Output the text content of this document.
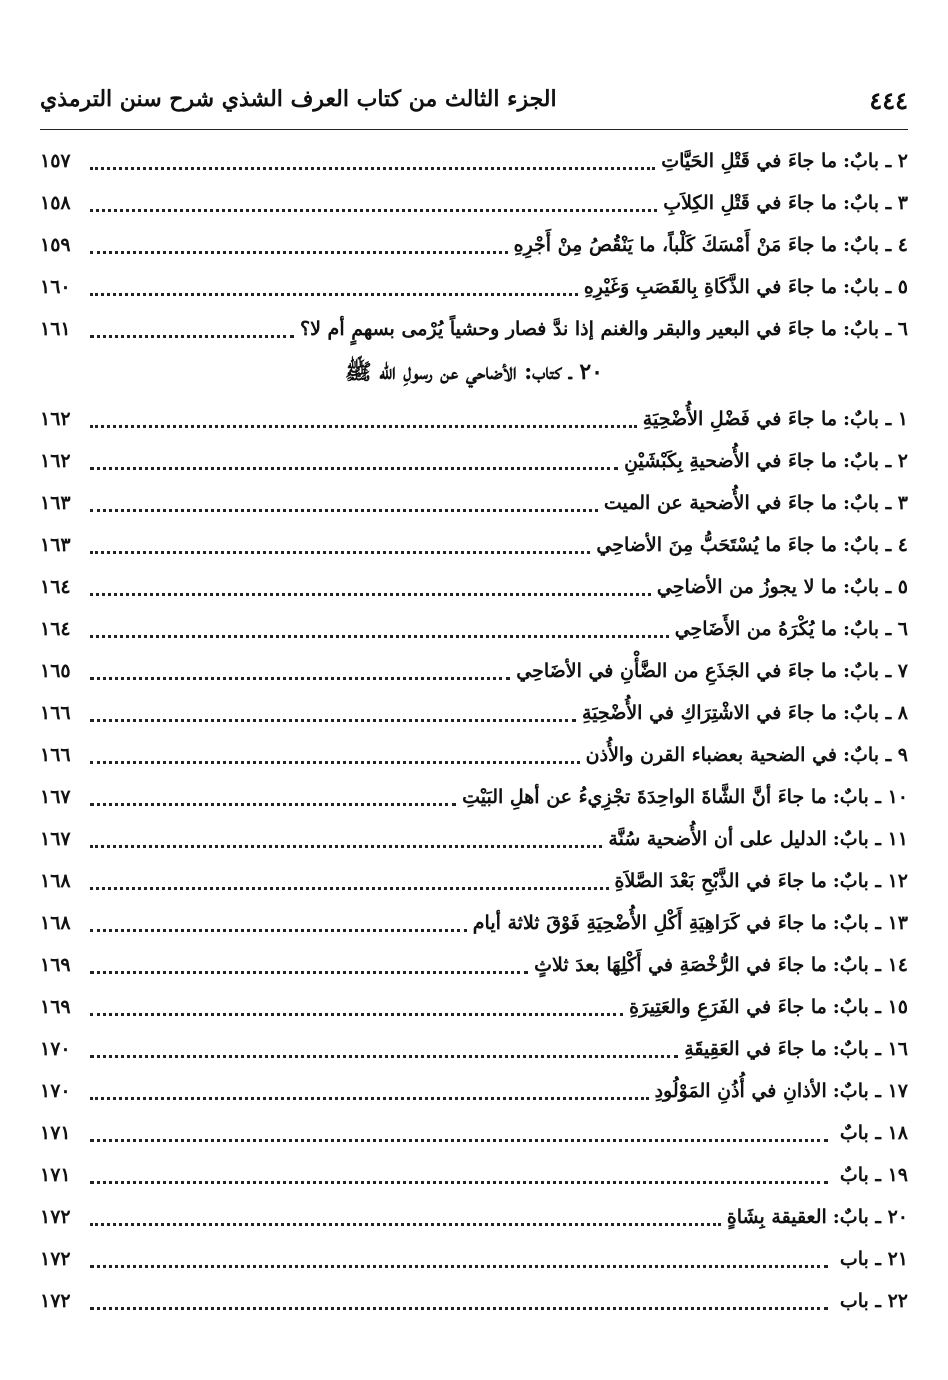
٤٤٤
الجزء الثالث من كتاب العرف الشذي شرح سنن الترمذي
٢ ـ بابٌ:
ما جاءَ في قَتْلِ الحَيَّاتِ
١٥٧
٣ ـ بابٌ:
ما جاءَ في قَتْلِ الكِلاَبِ
١٥٨
٤ ـ بابٌ:
ما جاءَ مَنْ أَمْسَكَ كَلْباً، ما يَنْقُصُ مِنْ أَجْرِهِ
١٥٩
٥ ـ بابٌ:
ما جاءَ في الذَّكَاةِ بِالقَصَبِ وَغَيْرِهِ
١٦٠
٦ ـ بابٌ:
ما جاءَ في البعير والبقر والغنم إذا ندَّ فصار وحشياً يُرْمى بسهمٍ أم لا؟
١٦١
٢٠ ـ كتاب: الأضاحي عن رسولِ الله ﷺ
١ ـ بابٌ:
ما جاءَ في فَضْلِ الأُضْحِيَةِ
١٦٢
٢ ـ بابٌ:
ما جاءَ في الأُضحيةِ بِكَبْشَيْنِ
١٦٢
٣ ـ بابٌ:
ما جاءَ في الأُضحية عن الميت
١٦٣
٤ ـ بابٌ:
ما جاءَ ما يُسْتَحَبُّ مِنَ الأضاحِي
١٦٣
٥ ـ بابٌ:
ما لا يجوزُ من الأضاحِي
١٦٤
٦ ـ بابٌ:
ما يُكْرَهُ من الأَضَاحِي
١٦٤
٧ ـ بابٌ:
ما جاءَ في الجَذَعِ من الضَّأْنِ في الأضَاحِي
١٦٥
٨ ـ بابٌ:
ما جاءَ في الاشْتِرَاكِ في الأُضْحِيَةِ
١٦٦
٩ ـ بابٌ:
في الضحية بعضباء القرن والأُذن
١٦٦
١٠ ـ بابٌ:
ما جاءَ أنَّ الشَّاةَ الواحِدَةَ تجْزِيءُ عن أهلِ البَيْتِ
١٦٧
١١ ـ بابٌ:
الدليل على أن الأُضحية سُنَّة
١٦٧
١٢ ـ بابٌ:
ما جاءَ في الذَّبْحِ بَعْدَ الصَّلاَةِ
١٦٨
١٣ ـ بابٌ:
ما جاءَ في كَرَاهِيَةِ أَكْلِ الأُضْحِيَةِ فَوْقَ ثلاثة أيام
١٦٨
١٤ ـ بابٌ:
ما جاءَ في الرُّخْصَةِ في أَكْلِهَا بعدَ ثلاثٍ
١٦٩
١٥ ـ بابٌ:
ما جاءَ في الفَرَعِ والعَتِيرَةِ
١٦٩
١٦ ـ بابٌ:
ما جاءَ في العَقِيقَةِ
١٧٠
١٧ ـ بابٌ:
الأذانِ في أُذُنِ المَوْلُودِ
١٧٠
١٨ ـ بابٌ
١٧١
١٩ ـ بابٌ
١٧١
٢٠ ـ بابٌ:
العقيقة بِشَاةٍ
١٧٢
٢١ ـ باب
١٧٢
٢٢ ـ باب
١٧٢
